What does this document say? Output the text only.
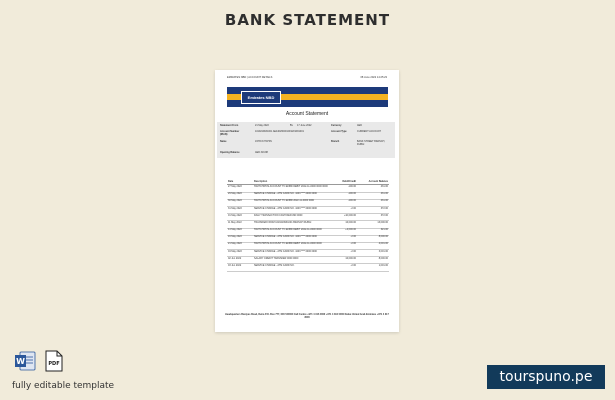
BANK STATEMENT
EMIRATES NBD | ACCOUNT DETAILS	08 June 2022 14:25:23
Emirates NBD
Account Statement
Statement From	21 May 2022	To 17 June 2022	Currency	AED
Account Number (IBAN)
1019219931001 AE440260001019219931001	Account Type	CURRENT ACCOUNT
Name	JOHN KITCHIN	Branch	BANK STREET BRANCH, DUBAI
Opening Balance	AED 319.88
Date	Description	Debit/Credit	Account Balance
27 May 2022	SWITCH/POS ACCOUNT TO ENBD DEBIT 2022-11-0000 0000 0000	-100.00	431.00
29 May 2022	SERVICE CHARGE - ATM CARD NO. 4403 **** 0000 0000	-100.00	431.00
30 May 2022	SWITCH/POS ACCOUNT TO ENBD 2022-11-0000 0000	-100.00	431.00
31 May 2022	SERVICE CHARGE - ATM CARD NO. 4403 **** 0000 0000	-2.00	372.00
01 May 2022	DAILY TRANSACTION CASH REFUND 0000	+10,000.00	372.00
11 May 2022	TRANSFER FROM 1019219931001 BRANCH DUBAI	10,000.00	13,000.00
14 May 2022	SWITCH/POS ACCOUNT TO ENBD DEBIT 2022-11-0000 0000	+4,000.00	321.00
16 May 2022	SERVICE CHARGE - ATM CARD NO. 4403 **** 0000 0000	-2.00	8,000.00
21 May 2022	SWITCH/POS ACCOUNT TO ENBD DEBIT 2022-11-0000 0000	-2.00	4,001.00
04 May 2022	SERVICE CHARGE - ATM CARD NO. 4403 **** 0000 0000	-2.00	3,001.00
02 Jun 2022	SALARY CREDIT TRANSFER 0000 0000	10,000.00	8,000.00
03 Jun 2022	SERVICE CHARGE - ATM CARD NO.	-2.00	1,001.00
Headquarters Baniyas Road, Deira P.O. Box 777, 600 540000 Call Centre +971 4 316 0000 +971 4 316 0000 Dubai United Arab Emirates +971 4 317 3000
W	PDF
fully editable template
tourspuno.pe
